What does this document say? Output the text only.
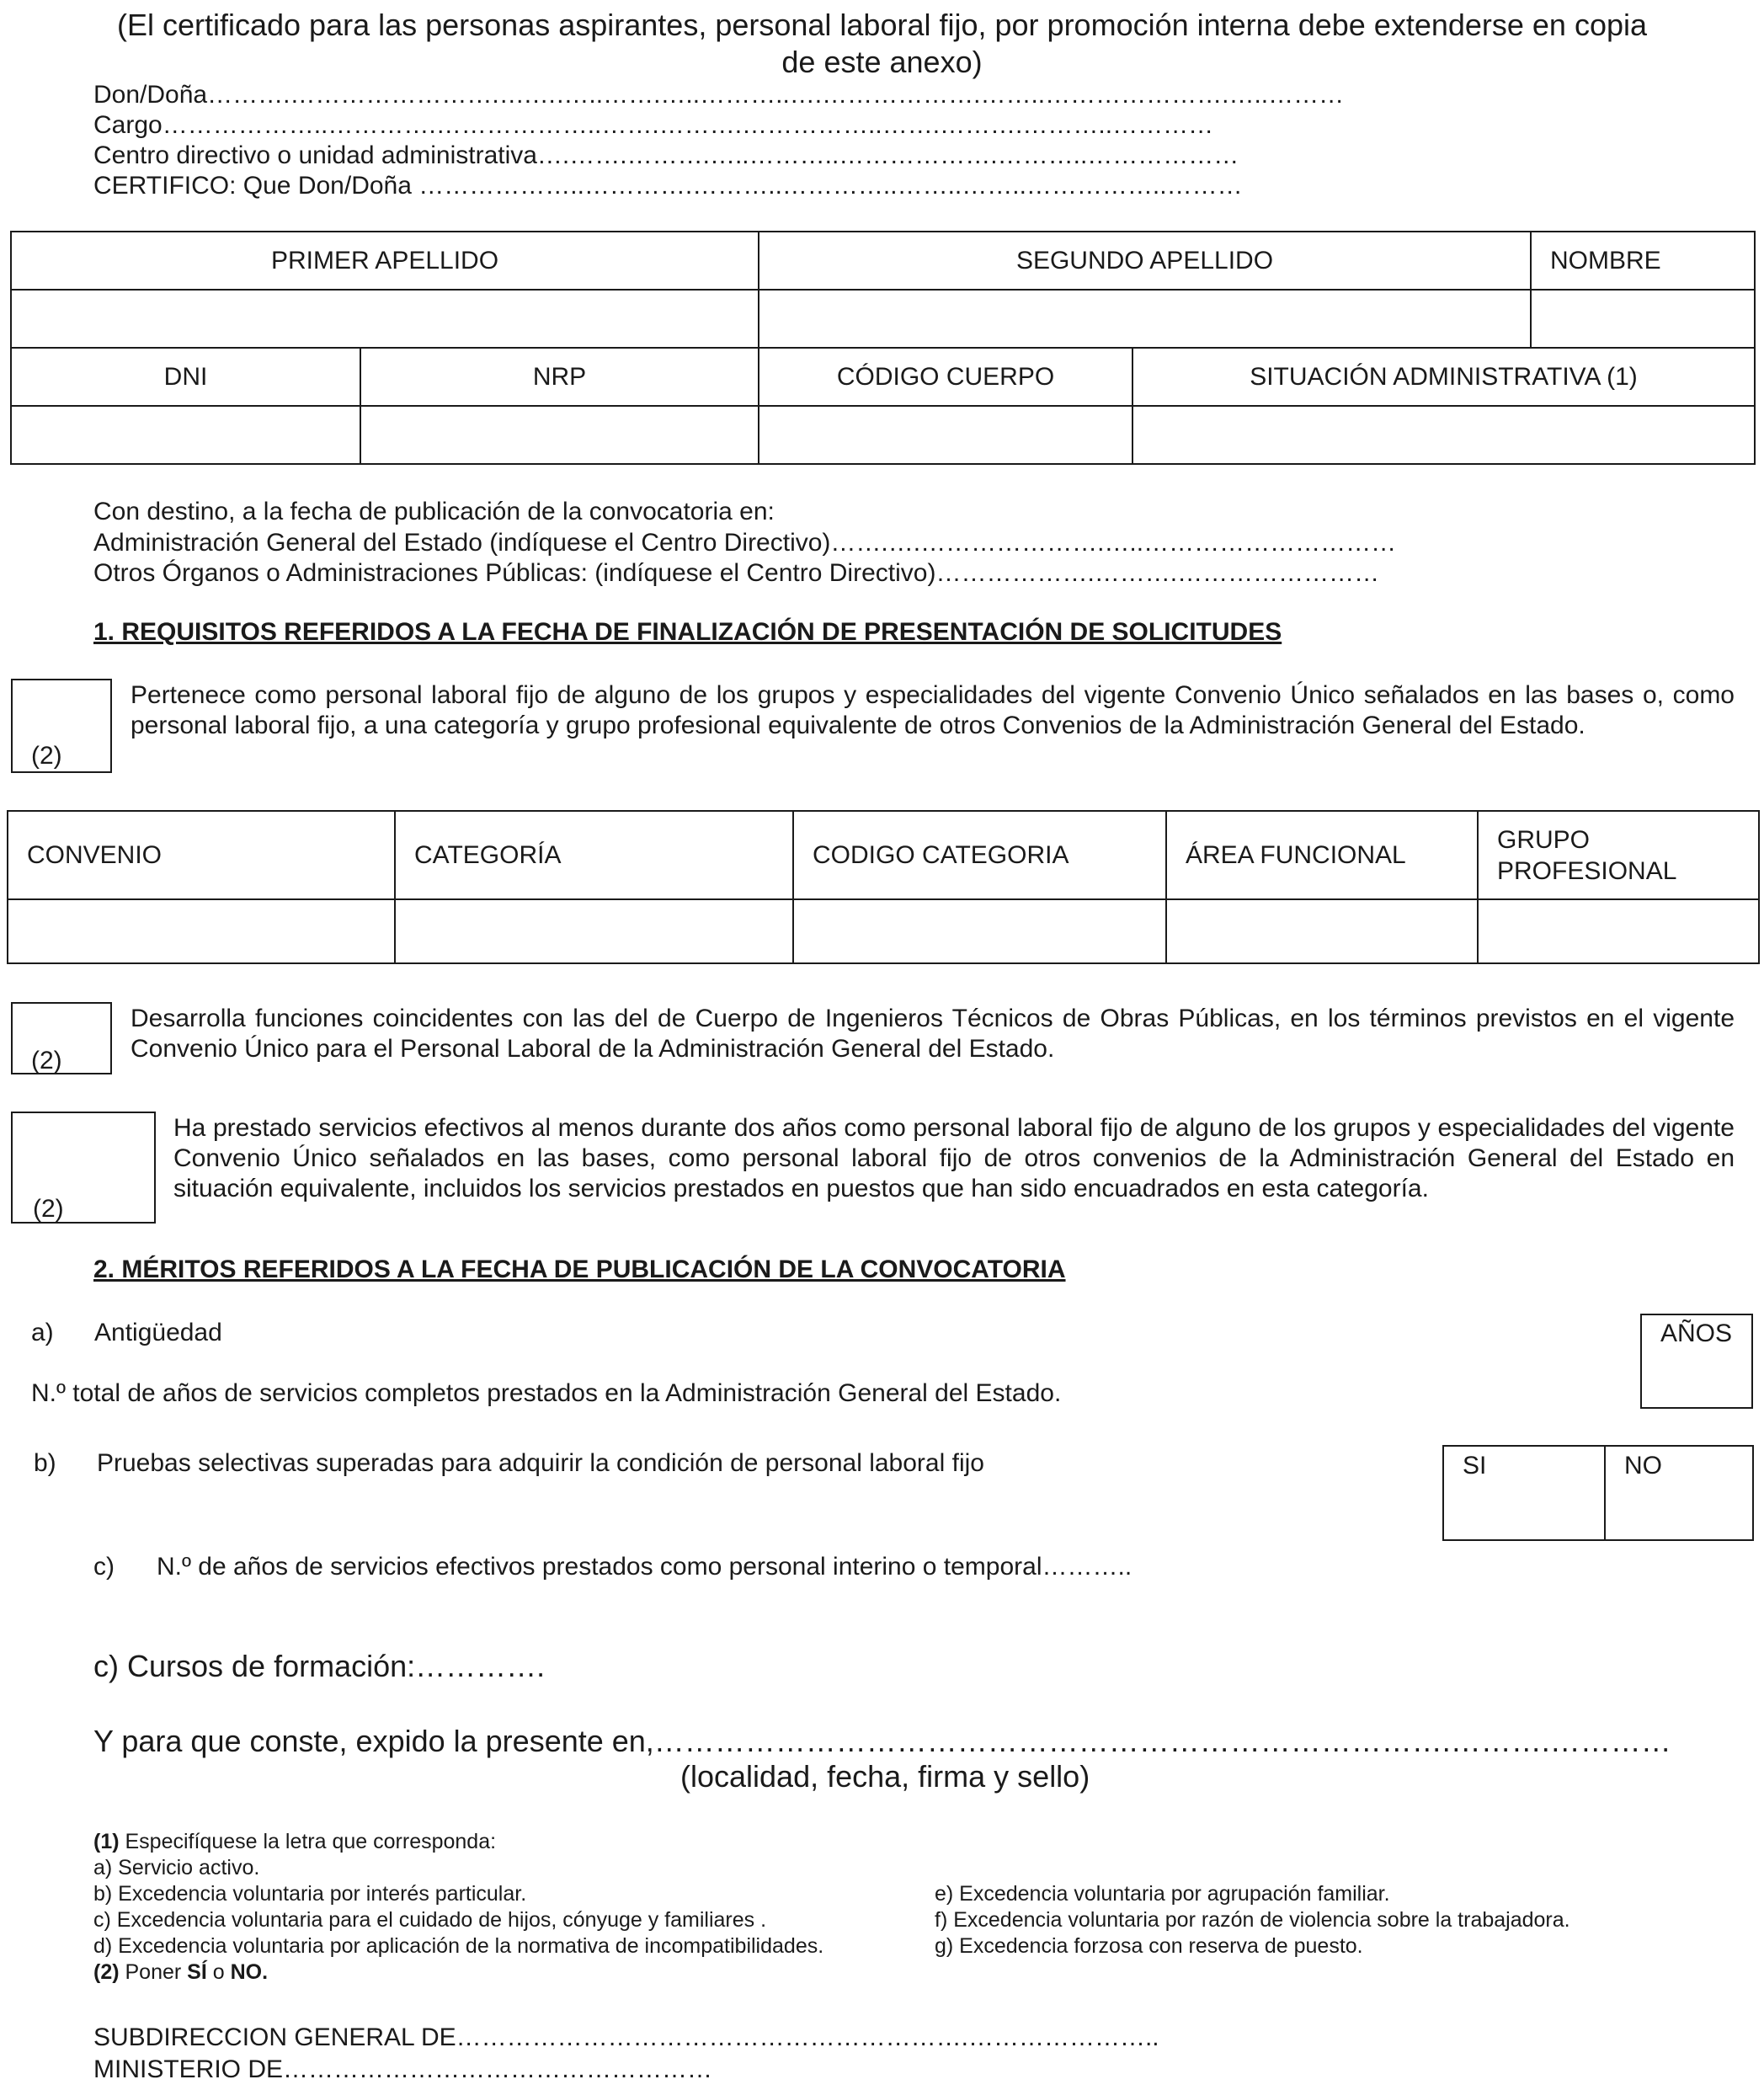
(El certificado para las personas aspirantes, personal laboral fijo, por promoción interna debe extenderse en copia
de este anexo)
Don/Doña……….…………………….….….…..…….…..………..….……………….……..………………….…..………
Cargo………………..………….………………..…….……….……………..…….……….………..…………
Centro directivo o unidad administrativa….…….……….…..………..……………….………..………………
CERTIFICO: Que Don/Doña ………………..………….………..…………..……..……..……………..………
PRIMER APELLIDO	SEGUNDO APELLIDO	NOMBRE

DNI	NRP	CÓDIGO CUERPO	SITUACIÓN ADMINISTRATIVA (1)

Con destino, a la fecha de publicación de la convocatoria en:
Administración General del Estado (indíquese el Centro Directivo)…….….………………….…..…………………………
Otros Órganos o Administraciones Públicas: (indíquese el Centro Directivo)……………….……….……………………
1. REQUISITOS REFERIDOS A LA FECHA DE FINALIZACIÓN DE PRESENTACIÓN DE SOLICITUDES
(2)
Pertenece como personal laboral fijo de alguno de los grupos y especialidades del vigente Convenio Único señalados en las bases o, como personal laboral fijo, a una categoría y grupo profesional equivalente de otros Convenios de la Administración General del Estado.
CONVENIO	CATEGORÍA	CODIGO CATEGORIA	ÁREA FUNCIONAL	GRUPO PROFESIONAL

(2)
Desarrolla funciones coincidentes con las del de Cuerpo de Ingenieros Técnicos de Obras Públicas, en los términos previstos en el vigente Convenio Único para el Personal Laboral de la Administración General del Estado.
(2)
Ha prestado servicios efectivos al menos durante dos años como personal laboral fijo de alguno de los grupos y especialidades del vigente Convenio Único señalados en las bases, como personal laboral fijo de otros convenios de la Administración General del Estado en situación equivalente, incluidos los servicios prestados en puestos que han sido encuadrados en esta categoría.
2. MÉRITOS REFERIDOS A LA FECHA DE PUBLICACIÓN DE LA CONVOCATORIA
a) Antigüedad
N.º total de años de servicios completos prestados en la Administración General del Estado.
AÑOS
b) Pruebas selectivas superadas para adquirir la condición de personal laboral fijo	SI	NO
c) N.º de años de servicios efectivos prestados como personal interino o temporal………..
c) Cursos de formación:………….
Y para que conste, expido la presente en,…………………………………………………………………….……….…………
(localidad, fecha, firma y sello)
(1) Especifíquese la letra que corresponda:
a) Servicio activo.
b) Excedencia voluntaria por interés particular.
c) Excedencia voluntaria para el cuidado de hijos, cónyuge y familiares .
d) Excedencia voluntaria por aplicación de la normativa de incompatibilidades.
e) Excedencia voluntaria por agrupación familiar.
f) Excedencia voluntaria por razón de violencia sobre la trabajadora.
g) Excedencia forzosa con reserva de puesto.
(2) Poner SÍ o NO.
SUBDIRECCION GENERAL DE…………………………………………………….…………………..
MINISTERIO DE……………………………………………
